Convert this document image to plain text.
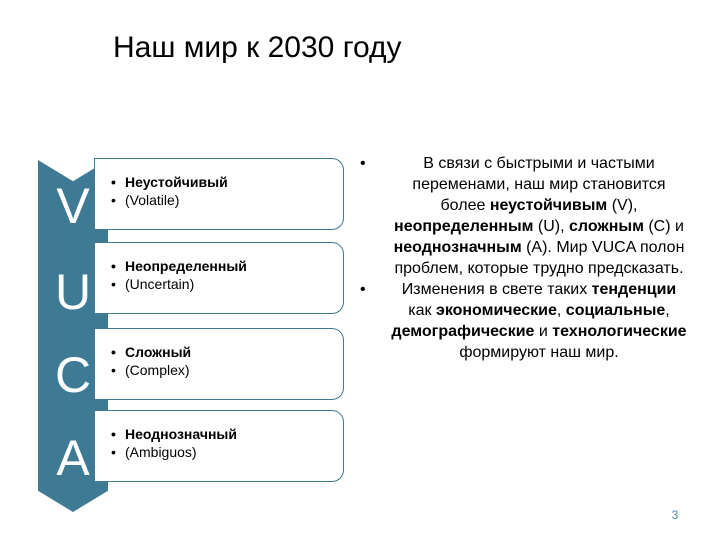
Наш мир к 2030 году
V	• Неустойчивый
• (Volatile)
U	• Неопределенный
• (Uncertain)
C	• Сложный
• (Complex)
A	• Неоднозначный
• (Ambiguos)
•	В связи с быстрыми и частыми переменами, наш мир становится более неустойчивым (V), неопределенным (U), сложным (C) и неоднозначным (A). Мир VUCA полон проблем, которые трудно предсказать.
• Изменения в свете таких тенденции как экономические, социальные, демографические и технологические формируют наш мир.
3
